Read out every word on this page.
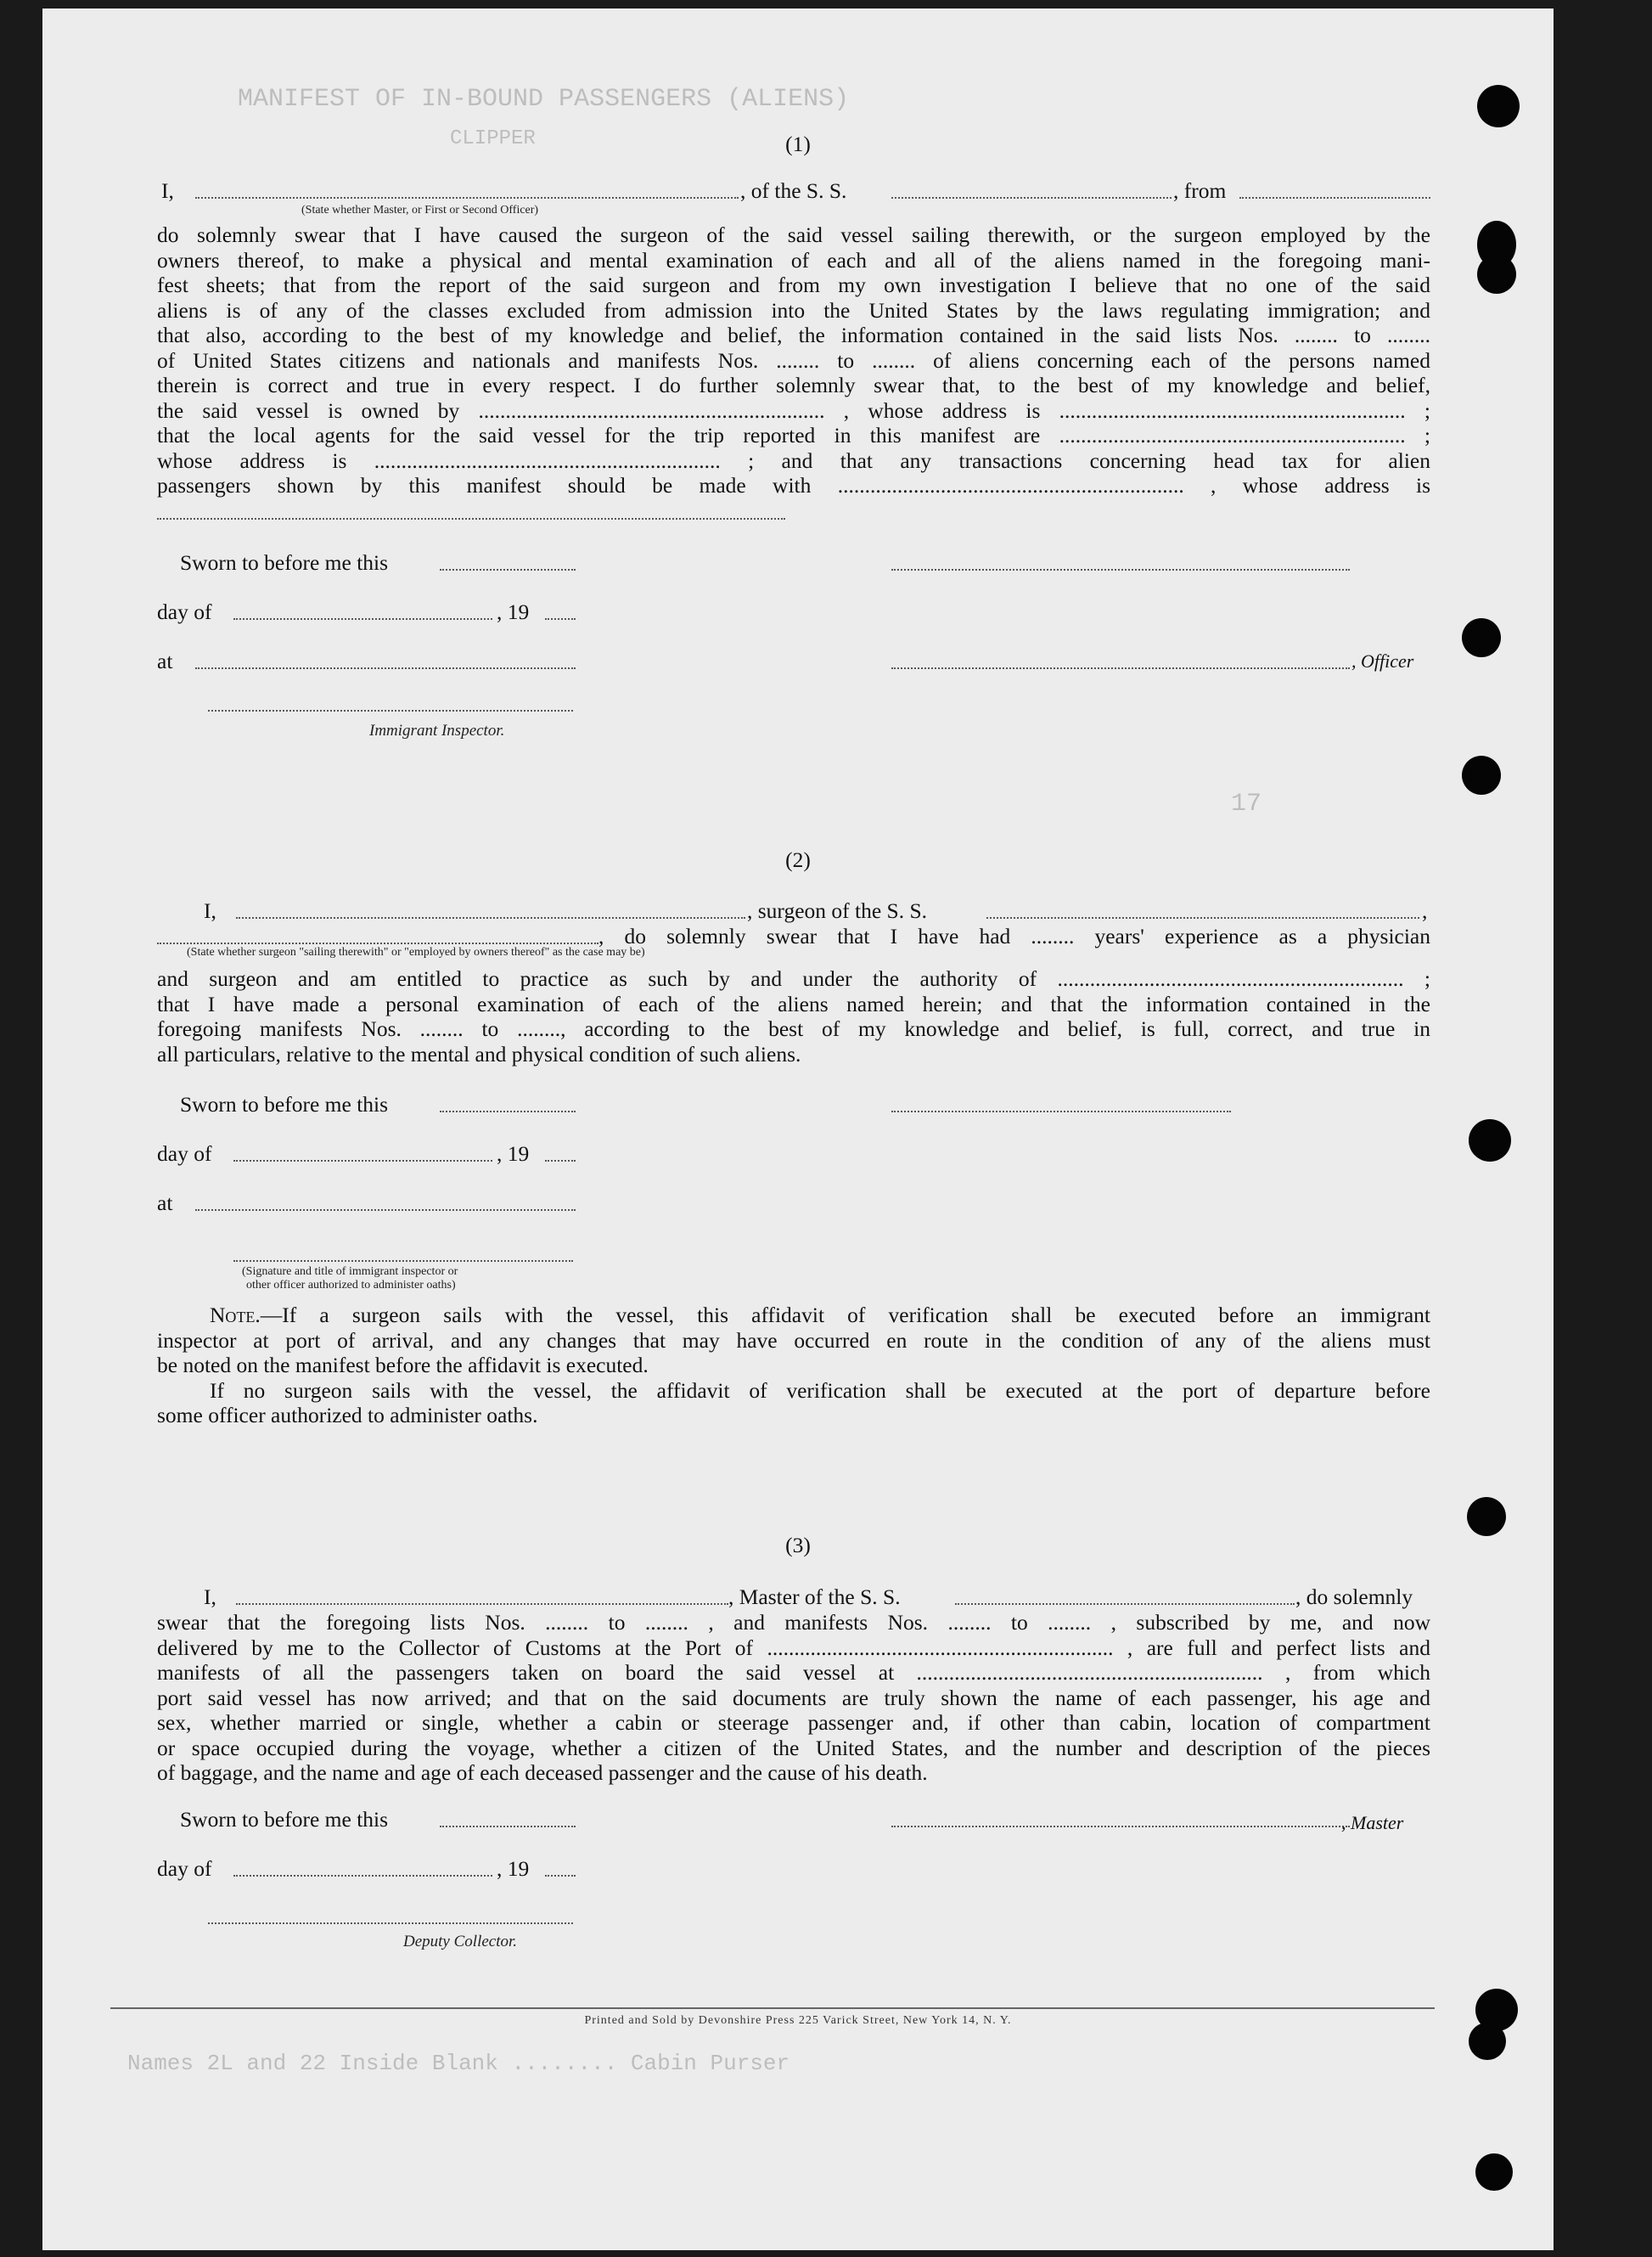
MANIFEST OF IN-BOUND PASSENGERS (ALIENS)
CLIPPER
Names 2L and 22 Inside Blank ........ Cabin Purser
17
(1)
I,	, of the S. S.	, from
(State whether Master, or First or Second Officer)
do solemnly swear that I have caused the surgeon of the said vessel sailing therewith, or the surgeon employed by the
owners thereof, to make a physical and mental examination of each and all of the aliens named in the foregoing mani-
fest sheets; that from the report of the said surgeon and from my own investigation I believe that no one of the said
aliens is of any of the classes excluded from admission into the United States by the laws regulating immigration; and
that also, according to the best of my knowledge and belief, the information contained in the said lists Nos. ........ to ........
of United States citizens and nationals and manifests Nos. ........ to ........ of aliens concerning each of the persons named
therein is correct and true in every respect. I do further solemnly swear that, to the best of my knowledge and belief,
the said vessel is owned by ................................................................ , whose address is ................................................................ ;
that the local agents for the said vessel for the trip reported in this manifest are ................................................................ ;
whose address is ................................................................ ; and that any transactions concerning head tax for alien
passengers shown by this manifest should be made with ................................................................ , whose address is
Sworn to before me this
day of	, 19
at	, Officer
Immigrant Inspector.
(2)
I,	, surgeon of the S. S.	,
, do solemnly swear that I have had ........ years' experience as a physician
(State whether surgeon "sailing therewith" or "employed by owners thereof" as the case may be)
and surgeon and am entitled to practice as such by and under the authority of ................................................................ ;
that I have made a personal examination of each of the aliens named herein; and that the information contained in the
foregoing manifests Nos. ........ to ........, according to the best of my knowledge and belief, is full, correct, and true in
all particulars, relative to the mental and physical condition of such aliens.
Sworn to before me this
day of	, 19
at
(Signature and title of immigrant inspector or
other officer authorized to administer oaths)
Note.—If a surgeon sails with the vessel, this affidavit of verification shall be executed before an immigrant
inspector at port of arrival, and any changes that may have occurred en route in the condition of any of the aliens must
be noted on the manifest before the affidavit is executed.
If no surgeon sails with the vessel, the affidavit of verification shall be executed at the port of departure before
some officer authorized to administer oaths.
(3)
I,	, Master of the S. S.	, do solemnly
swear that the foregoing lists Nos. ........ to ........ , and manifests Nos. ........ to ........ , subscribed by me, and now
delivered by me to the Collector of Customs at the Port of ................................................................ , are full and perfect lists and
manifests of all the passengers taken on board the said vessel at ................................................................ , from which
port said vessel has now arrived; and that on the said documents are truly shown the name of each passenger, his age and
sex, whether married or single, whether a cabin or steerage passenger and, if other than cabin, location of compartment
or space occupied during the voyage, whether a citizen of the United States, and the number and description of the pieces
of baggage, and the name and age of each deceased passenger and the cause of his death.
Sworn to before me this	, Master
day of	, 19
Deputy Collector.
Printed and Sold by Devonshire Press 225 Varick Street, New York 14, N. Y.
